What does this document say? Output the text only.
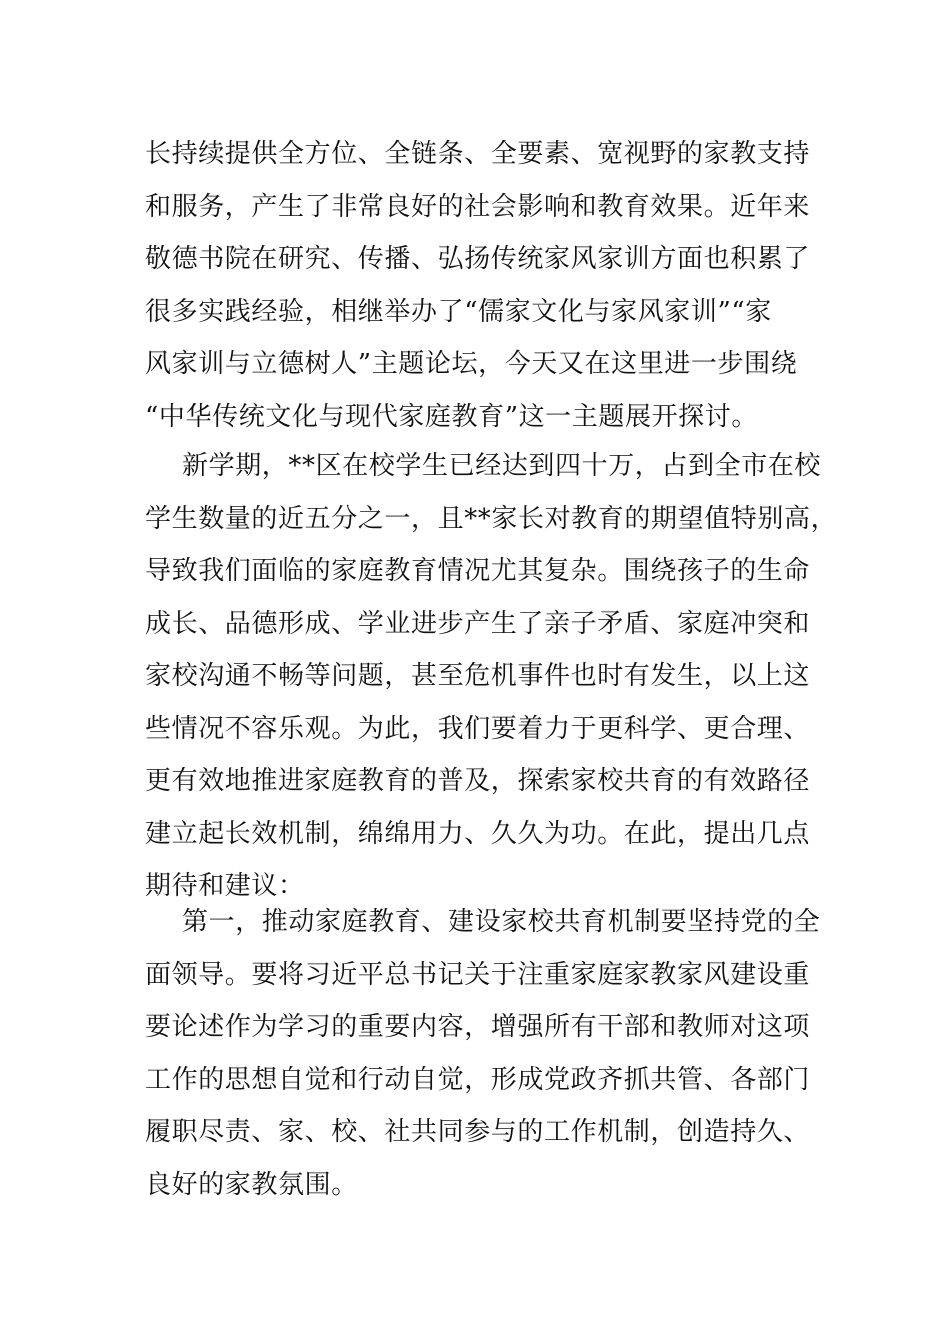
长持续提供全方位、全链条、全要素、宽视野的家教支持
和服务，产生了非常良好的社会影响和教育效果。近年来
敬德书院在研究、传播、弘扬传统家风家训方面也积累了
很多实践经验，相继举办了“儒家文化与家风家训”“家
风家训与立德树人”主题论坛，今天又在这里进一步围绕
“中华传统文化与现代家庭教育”这一主题展开探讨。
新学期，**区在校学生已经达到四十万，占到全市在校
学生数量的近五分之一，且**家长对教育的期望值特别高，
导致我们面临的家庭教育情况尤其复杂。围绕孩子的生命
成长、品德形成、学业进步产生了亲子矛盾、家庭冲突和
家校沟通不畅等问题，甚至危机事件也时有发生，以上这
些情况不容乐观。为此，我们要着力于更科学、更合理、
更有效地推进家庭教育的普及，探索家校共育的有效路径
建立起长效机制，绵绵用力、久久为功。在此，提出几点
期待和建议：
第一，推动家庭教育、建设家校共育机制要坚持党的全
面领导。要将习近平总书记关于注重家庭家教家风建设重
要论述作为学习的重要内容，增强所有干部和教师对这项
工作的思想自觉和行动自觉，形成党政齐抓共管、各部门
履职尽责、家、校、社共同参与的工作机制，创造持久、
良好的家教氛围。
